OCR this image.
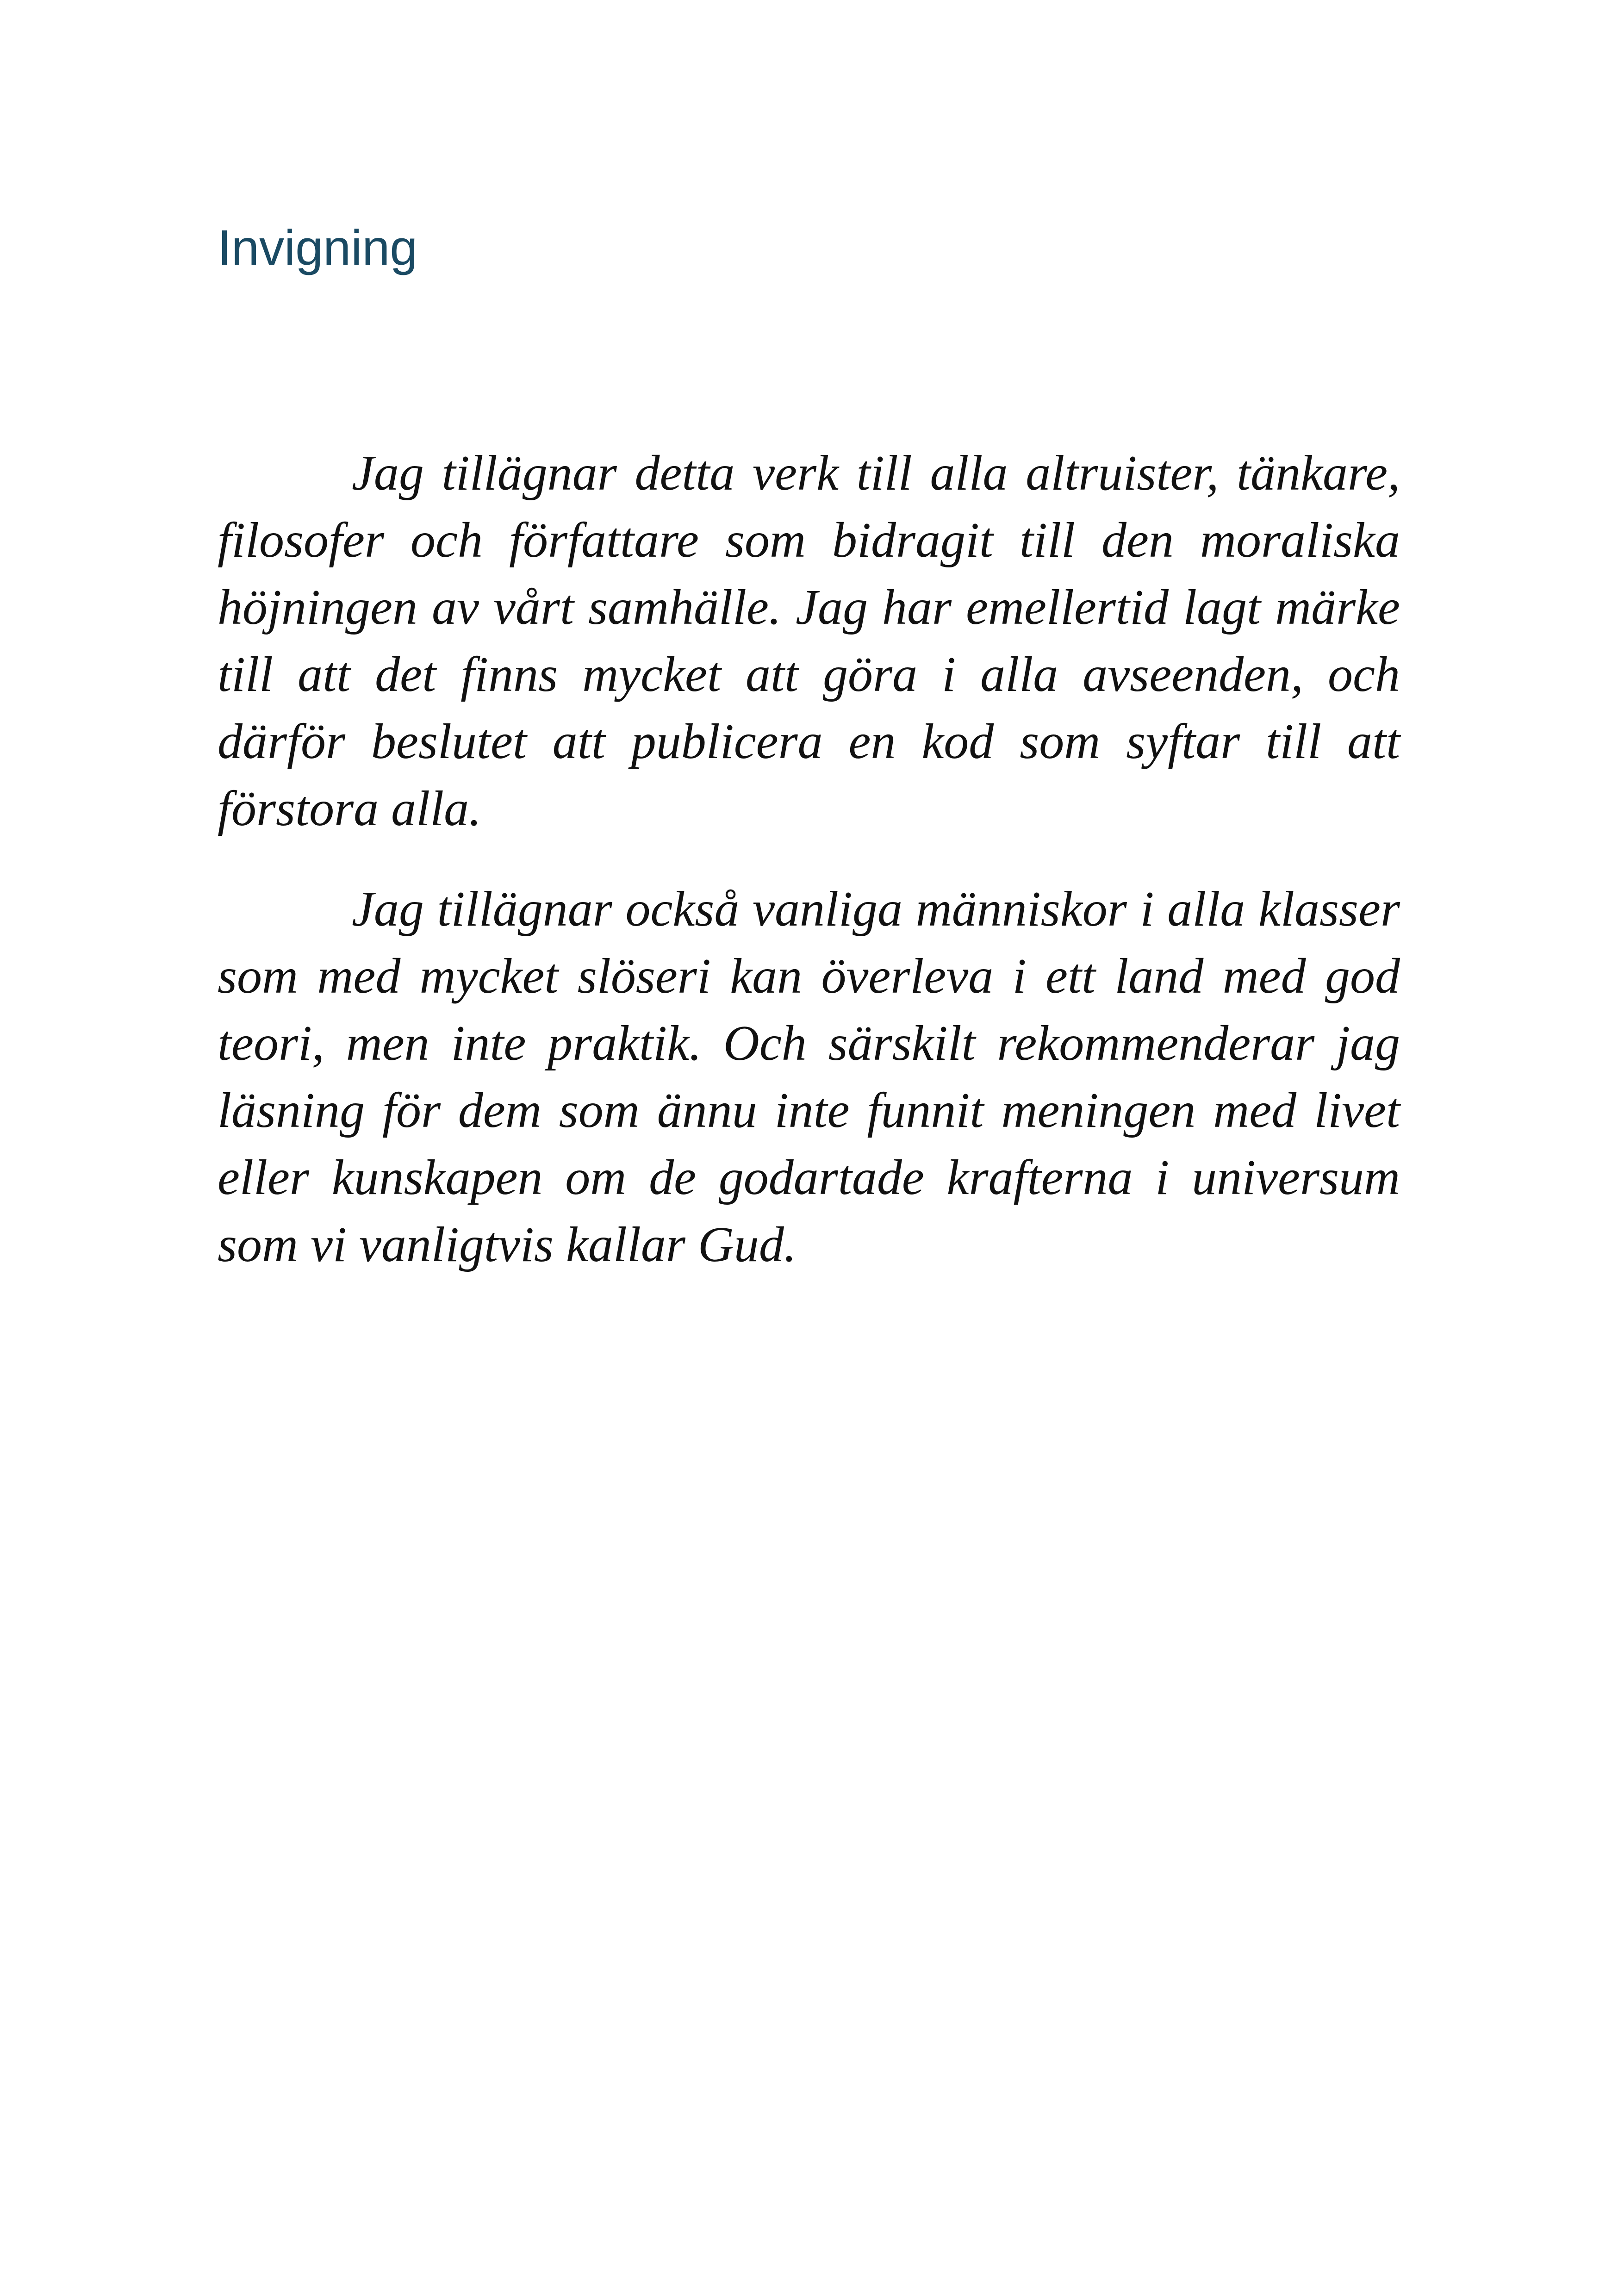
Invigning

Jag tillägnar detta verk till alla altruister, tänkare, filosofer och författare som bidragit till den moraliska höjningen av vårt samhälle. Jag har emellertid lagt märke till att det finns mycket att göra i alla avseenden, och därför beslutet att publicera en kod som syftar till att förstora alla.

Jag tillägnar också vanliga människor i alla klasser som med mycket slöseri kan överleva i ett land med god teori, men inte praktik. Och särskilt rekommenderar jag läsning för dem som ännu inte funnit meningen med livet eller kunskapen om de godartade krafterna i universum som vi vanligtvis kallar Gud.
